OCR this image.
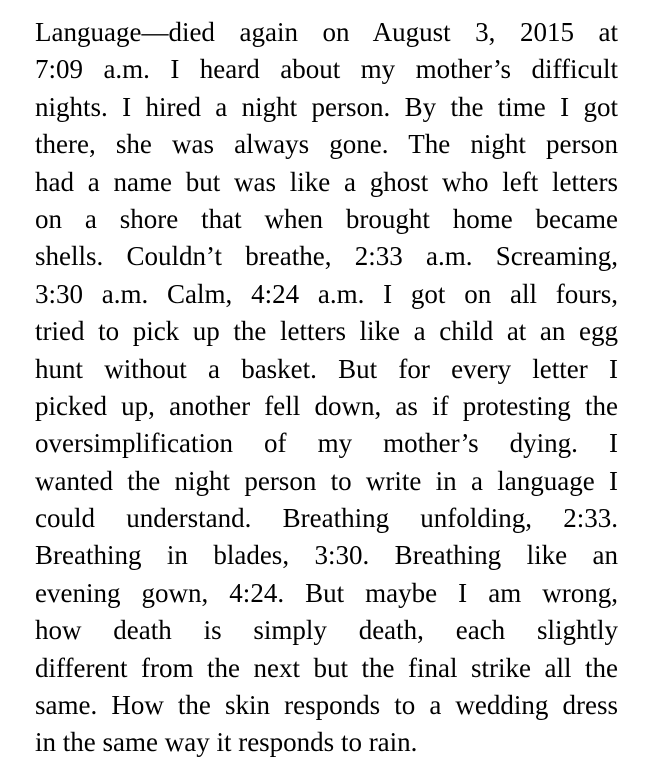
Language—died again on August 3, 2015 at
7:09 a.m. I heard about my mother’s difficult
nights. I hired a night person. By the time I got
there, she was always gone. The night person
had a name but was like a ghost who left letters
on a shore that when brought home became
shells. Couldn’t breathe, 2:33 a.m. Screaming,
3:30 a.m. Calm, 4:24 a.m. I got on all fours,
tried to pick up the letters like a child at an egg
hunt without a basket. But for every letter I
picked up, another fell down, as if protesting the
oversimplification of my mother’s dying. I
wanted the night person to write in a language I
could understand. Breathing unfolding, 2:33.
Breathing in blades, 3:30. Breathing like an
evening gown, 4:24. But maybe I am wrong,
how death is simply death, each slightly
different from the next but the final strike all the
same. How the skin responds to a wedding dress
in the same way it responds to rain.
